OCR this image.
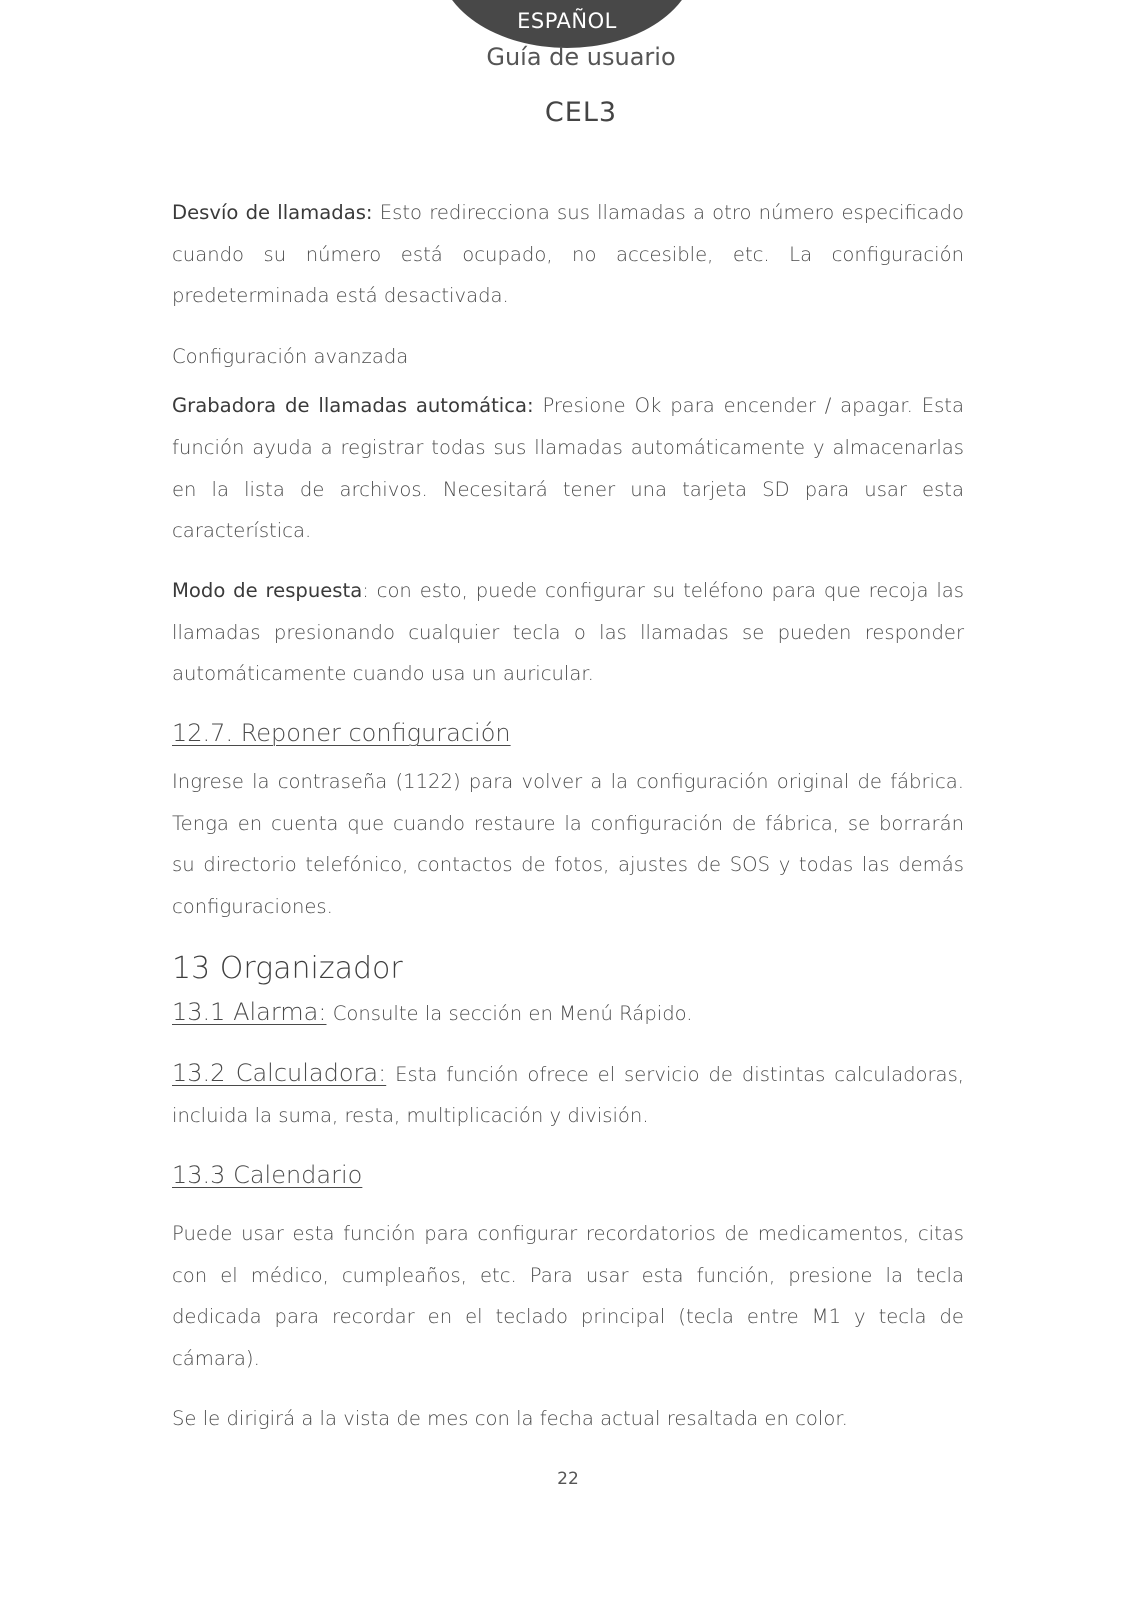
ESPAÑOL
Guía de usuario
CEL3

Desvío de llamadas: Esto redirecciona sus llamadas a otro número especificado cuando su número está ocupado, no accesible, etc. La configuración predeterminada está desactivada.

Configuración avanzada

Grabadora de llamadas automática: Presione Ok para encender / apagar. Esta función ayuda a registrar todas sus llamadas automáticamente y almacenarlas en la lista de archivos. Necesitará tener una tarjeta SD para usar esta característica.

Modo de respuesta: con esto, puede configurar su teléfono para que recoja las llamadas presionando cualquier tecla o las llamadas se pueden responder automáticamente cuando usa un auricular.

12.7. Reponer configuración

Ingrese la contraseña (1122) para volver a la configuración original de fábrica. Tenga en cuenta que cuando restaure la configuración de fábrica, se borrarán su directorio telefónico, contactos de fotos, ajustes de SOS y todas las demás configuraciones.

13 Organizador

13.1 Alarma: Consulte la sección en Menú Rápido.

13.2 Calculadora: Esta función ofrece el servicio de distintas calculadoras, incluida la suma, resta, multiplicación y división.

13.3 Calendario

Puede usar esta función para configurar recordatorios de medicamentos, citas con el médico, cumpleaños, etc. Para usar esta función, presione la tecla dedicada para recordar en el teclado principal (tecla entre M1 y tecla de cámara).

Se le dirigirá a la vista de mes con la fecha actual resaltada en color.

22
